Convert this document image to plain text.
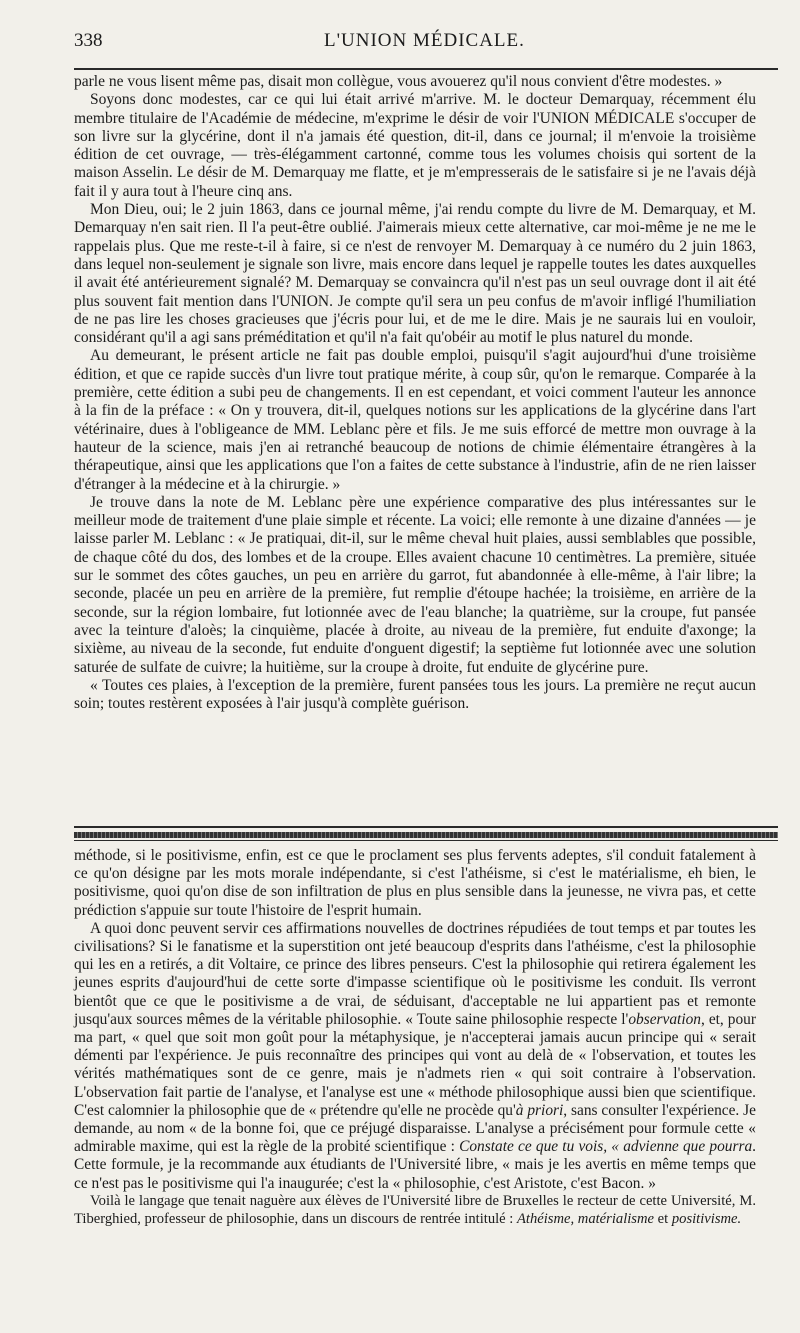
338	L'UNION MÉDICALE.

parle ne vous lisent même pas, disait mon collègue, vous avouerez qu'il nous convient d'être modestes. »

Soyons donc modestes, car ce qui lui était arrivé m'arrive. M. le docteur Demarquay, récemment élu membre titulaire de l'Académie de médecine, m'exprime le désir de voir l'UNION MÉDICALE s'occuper de son livre sur la glycérine, dont il n'a jamais été question, dit-il, dans ce journal; il m'envoie la troisième édition de cet ouvrage, — très-élégamment cartonné, comme tous les volumes choisis qui sortent de la maison Asselin. Le désir de M. Demarquay me flatte, et je m'empresserais de le satisfaire si je ne l'avais déjà fait il y aura tout à l'heure cinq ans.

Mon Dieu, oui; le 2 juin 1863, dans ce journal même, j'ai rendu compte du livre de M. Demarquay, et M. Demarquay n'en sait rien. Il l'a peut-être oublié. J'aimerais mieux cette alternative, car moi-même je ne me le rappelais plus. Que me reste-t-il à faire, si ce n'est de renvoyer M. Demarquay à ce numéro du 2 juin 1863, dans lequel non-seulement je signale son livre, mais encore dans lequel je rappelle toutes les dates auxquelles il avait été antérieurement signalé? M. Demarquay se convaincra qu'il n'est pas un seul ouvrage dont il ait été plus souvent fait mention dans l'UNION. Je compte qu'il sera un peu confus de m'avoir infligé l'humiliation de ne pas lire les choses gracieuses que j'écris pour lui, et de me le dire. Mais je ne saurais lui en vouloir, considérant qu'il a agi sans préméditation et qu'il n'a fait qu'obéir au motif le plus naturel du monde.

Au demeurant, le présent article ne fait pas double emploi, puisqu'il s'agit aujourd'hui d'une troisième édition, et que ce rapide succès d'un livre tout pratique mérite, à coup sûr, qu'on le remarque. Comparée à la première, cette édition a subi peu de changements. Il en est cependant, et voici comment l'auteur les annonce à la fin de la préface : « On y trouvera, dit-il, quelques notions sur les applications de la glycérine dans l'art vétérinaire, dues à l'obligeance de MM. Leblanc père et fils. Je me suis efforcé de mettre mon ouvrage à la hauteur de la science, mais j'en ai retranché beaucoup de notions de chimie élémentaire étrangères à la thérapeutique, ainsi que les applications que l'on a faites de cette substance à l'industrie, afin de ne rien laisser d'étranger à la médecine et à la chirurgie. »

Je trouve dans la note de M. Leblanc père une expérience comparative des plus intéressantes sur le meilleur mode de traitement d'une plaie simple et récente. La voici; elle remonte à une dizaine d'années — je laisse parler M. Leblanc : « Je pratiquai, dit-il, sur le même cheval huit plaies, aussi semblables que possible, de chaque côté du dos, des lombes et de la croupe. Elles avaient chacune 10 centimètres. La première, située sur le sommet des côtes gauches, un peu en arrière du garrot, fut abandonnée à elle-même, à l'air libre; la seconde, placée un peu en arrière de la première, fut remplie d'étoupe hachée; la troisième, en arrière de la seconde, sur la région lombaire, fut lotionnée avec de l'eau blanche; la quatrième, sur la croupe, fut pansée avec la teinture d'aloès; la cinquième, placée à droite, au niveau de la première, fut enduite d'axonge; la sixième, au niveau de la seconde, fut enduite d'onguent digestif; la septième fut lotionnée avec une solution saturée de sulfate de cuivre; la huitième, sur la croupe à droite, fut enduite de glycérine pure.

« Toutes ces plaies, à l'exception de la première, furent pansées tous les jours. La première ne reçut aucun soin; toutes restèrent exposées à l'air jusqu'à complète guérison.

méthode, si le positivisme, enfin, est ce que le proclament ses plus fervents adeptes, s'il conduit fatalement à ce qu'on désigne par les mots morale indépendante, si c'est l'athéisme, si c'est le matérialisme, eh bien, le positivisme, quoi qu'on dise de son infiltration de plus en plus sensible dans la jeunesse, ne vivra pas, et cette prédiction s'appuie sur toute l'histoire de l'esprit humain.

A quoi donc peuvent servir ces affirmations nouvelles de doctrines répudiées de tout temps et par toutes les civilisations? Si le fanatisme et la superstition ont jeté beaucoup d'esprits dans l'athéisme, c'est la philosophie qui les en a retirés, a dit Voltaire, ce prince des libres penseurs. C'est la philosophie qui retirera également les jeunes esprits d'aujourd'hui de cette sorte d'impasse scientifique où le positivisme les conduit. Ils verront bientôt que ce que le positivisme a de vrai, de séduisant, d'acceptable ne lui appartient pas et remonte jusqu'aux sources mêmes de la véritable philosophie. « Toute saine philosophie respecte l'observation, et, pour ma part, « quel que soit mon goût pour la métaphysique, je n'accepterai jamais aucun principe qui « serait démenti par l'expérience. Je puis reconnaître des principes qui vont au delà de « l'observation, et toutes les vérités mathématiques sont de ce genre, mais je n'admets rien « qui soit contraire à l'observation. L'observation fait partie de l'analyse, et l'analyse est une « méthode philosophique aussi bien que scientifique. C'est calomnier la philosophie que de « prétendre qu'elle ne procède qu'à priori, sans consulter l'expérience. Je demande, au nom « de la bonne foi, que ce préjugé disparaisse. L'analyse a précisément pour formule cette « admirable maxime, qui est la règle de la probité scientifique : Constate ce que tu vois, « advienne que pourra. Cette formule, je la recommande aux étudiants de l'Université libre, « mais je les avertis en même temps que ce n'est pas le positivisme qui l'a inaugurée; c'est la « philosophie, c'est Aristote, c'est Bacon. »

Voilà le langage que tenait naguère aux élèves de l'Université libre de Bruxelles le recteur de cette Université, M. Tiberghied, professeur de philosophie, dans un discours de rentrée intitulé : Athéisme, matérialisme et positivisme.
